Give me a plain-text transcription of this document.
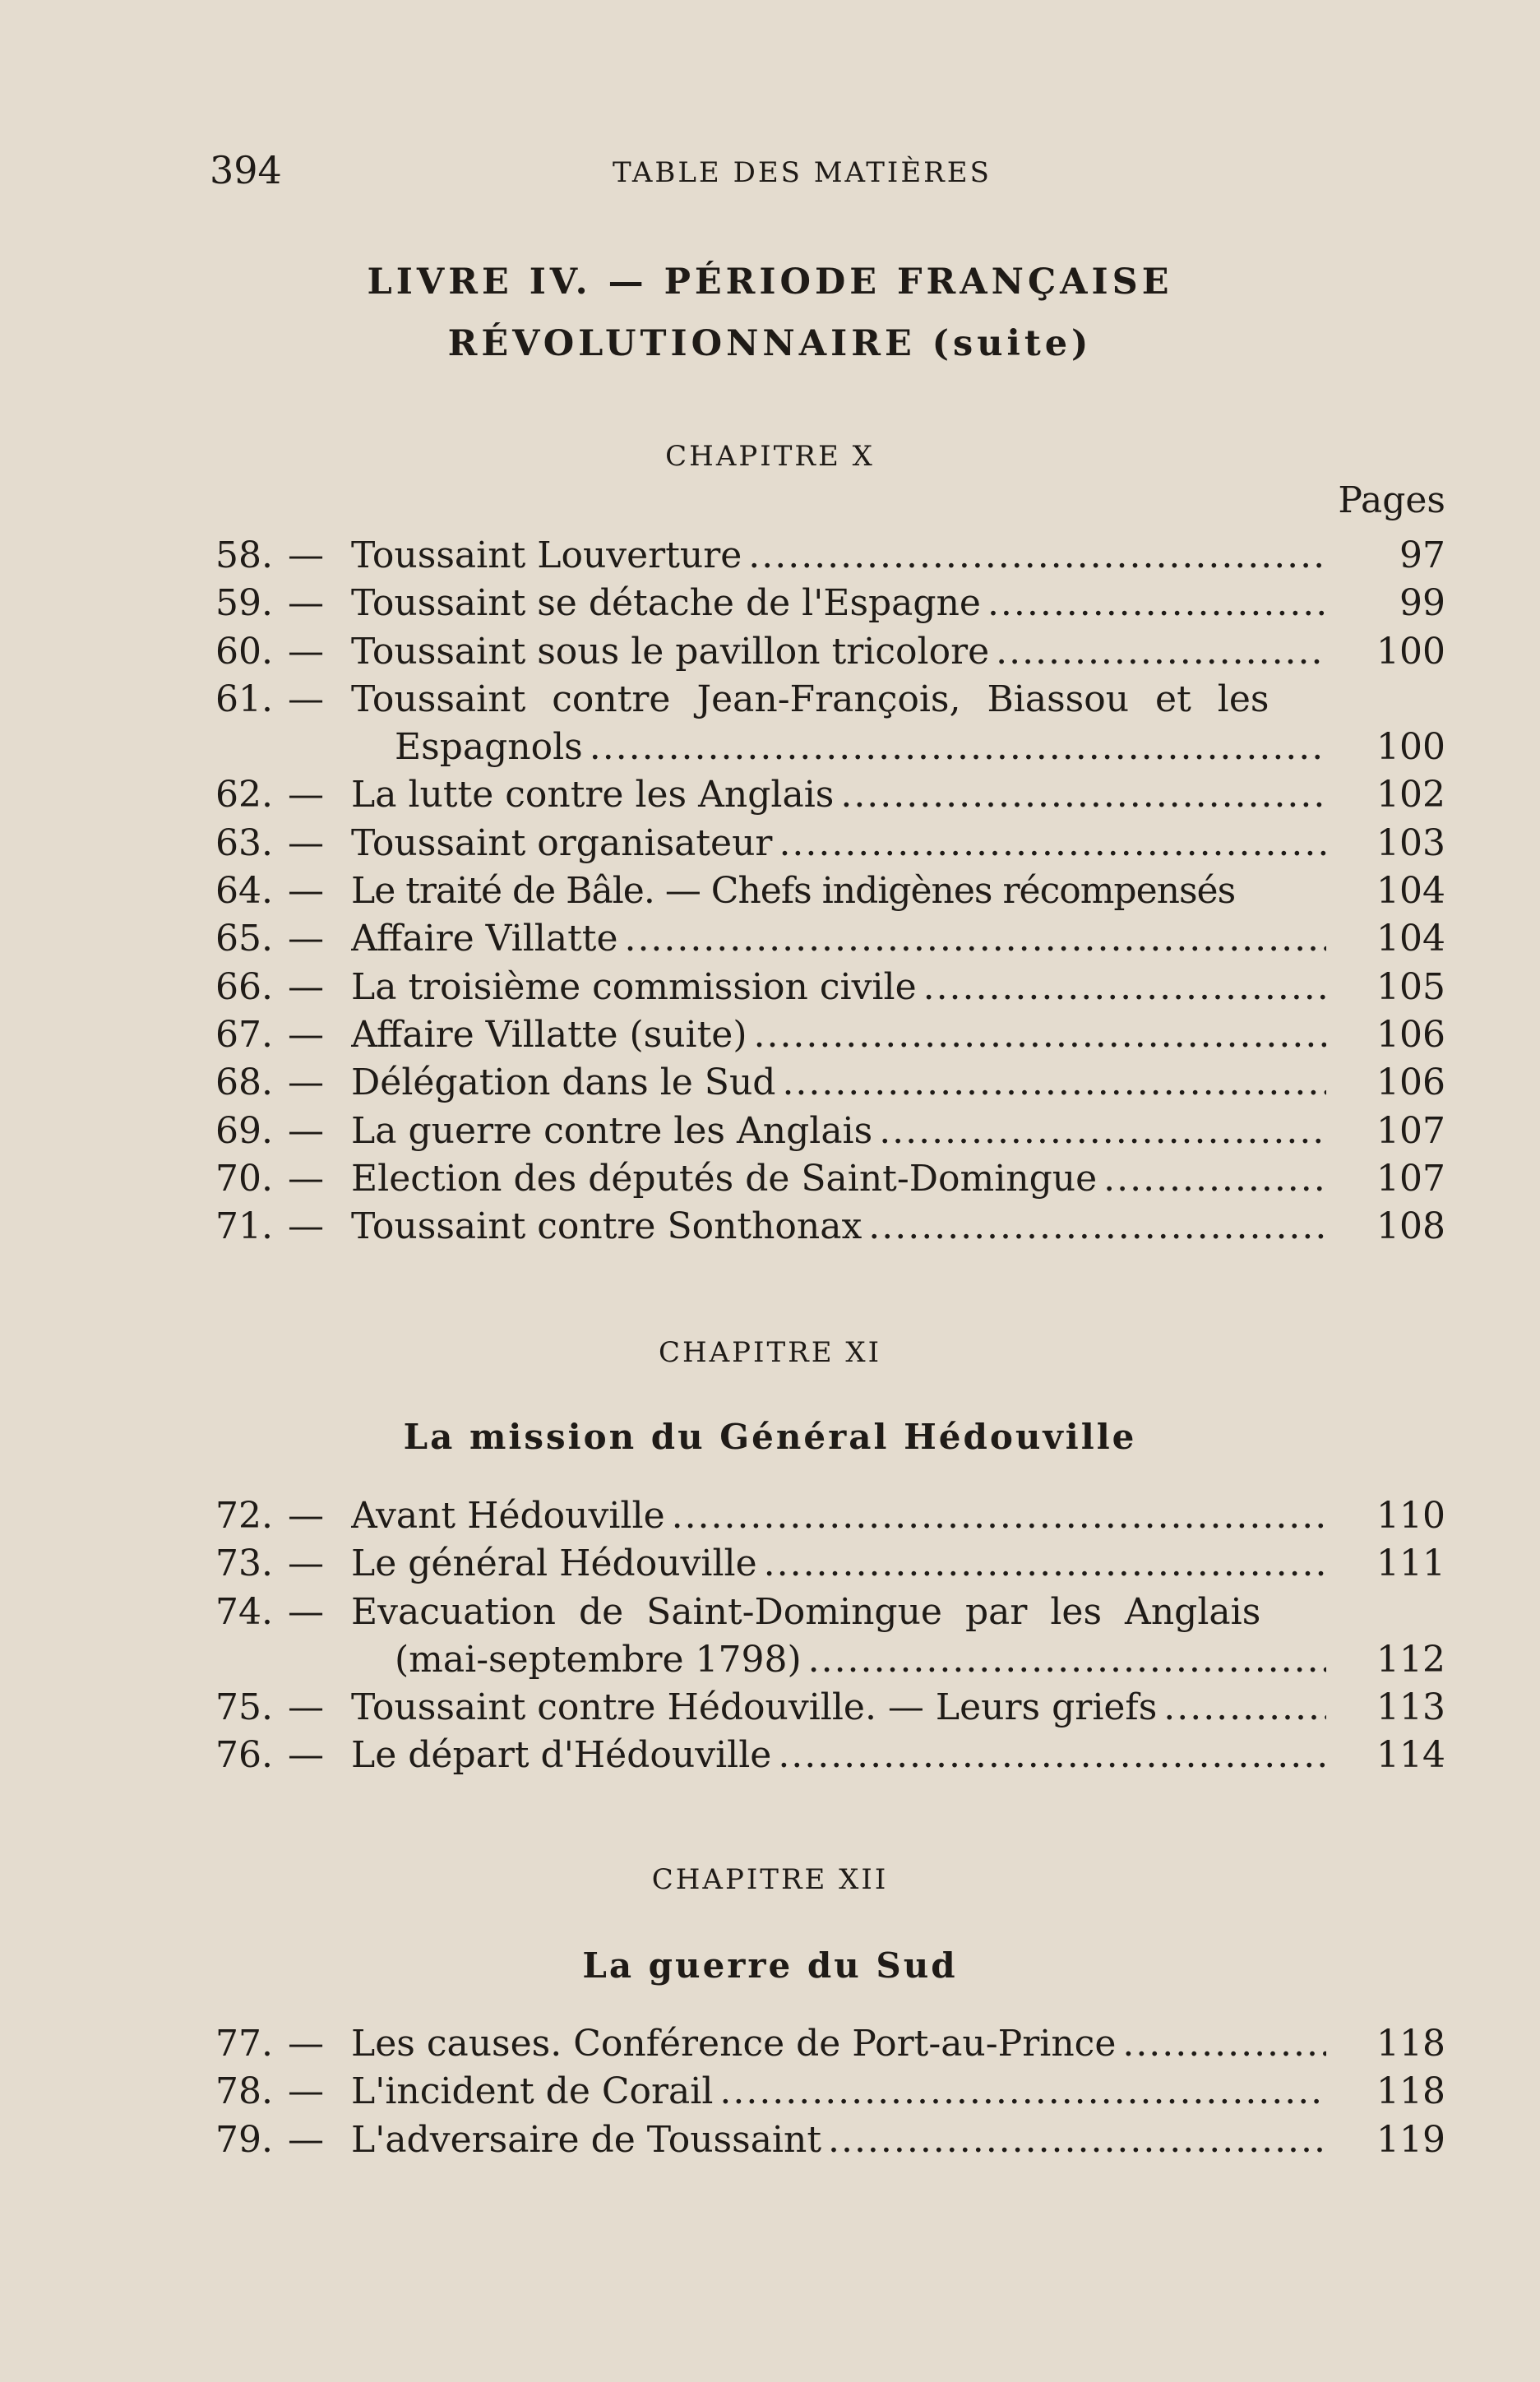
394	TABLE DES MATIÈRES
LIVRE IV. — PÉRIODE FRANÇAISE
RÉVOLUTIONNAIRE (suite)
CHAPITRE X
Pages
58. — Toussaint Louverture . . .	97
59. — Toussaint se détache de l'Espagne . . .	99
60. — Toussaint sous le pavillon tricolore . . .	100
61. — Toussaint contre Jean-François, Biassou et les
Espagnols . . .	100
62. — La lutte contre les Anglais . . .	102
63. — Toussaint organisateur . . .	103
64. — Le traité de Bâle. — Chefs indigènes récompensés	104
65. — Affaire Villatte . . .	104
66. — La troisième commission civile . . .	105
67. — Affaire Villatte (suite) . . .	106
68. — Délégation dans le Sud . . .	106
69. — La guerre contre les Anglais . . .	107
70. — Election des députés de Saint-Domingue . . .	107
71. — Toussaint contre Sonthonax . . .	108
CHAPITRE XI
La mission du Général Hédouville
72. — Avant Hédouville . . .	110
73. — Le général Hédouville . . .	111
74. — Evacuation de Saint-Domingue par les Anglais
(mai-septembre 1798) . . .	112
75. — Toussaint contre Hédouville. — Leurs griefs . . .	113
76. — Le départ d'Hédouville . . .	114
CHAPITRE XII
La guerre du Sud
77. — Les causes. Conférence de Port-au-Prince . . .	118
78. — L'incident de Corail . . .	118
79. — L'adversaire de Toussaint . . .	119
